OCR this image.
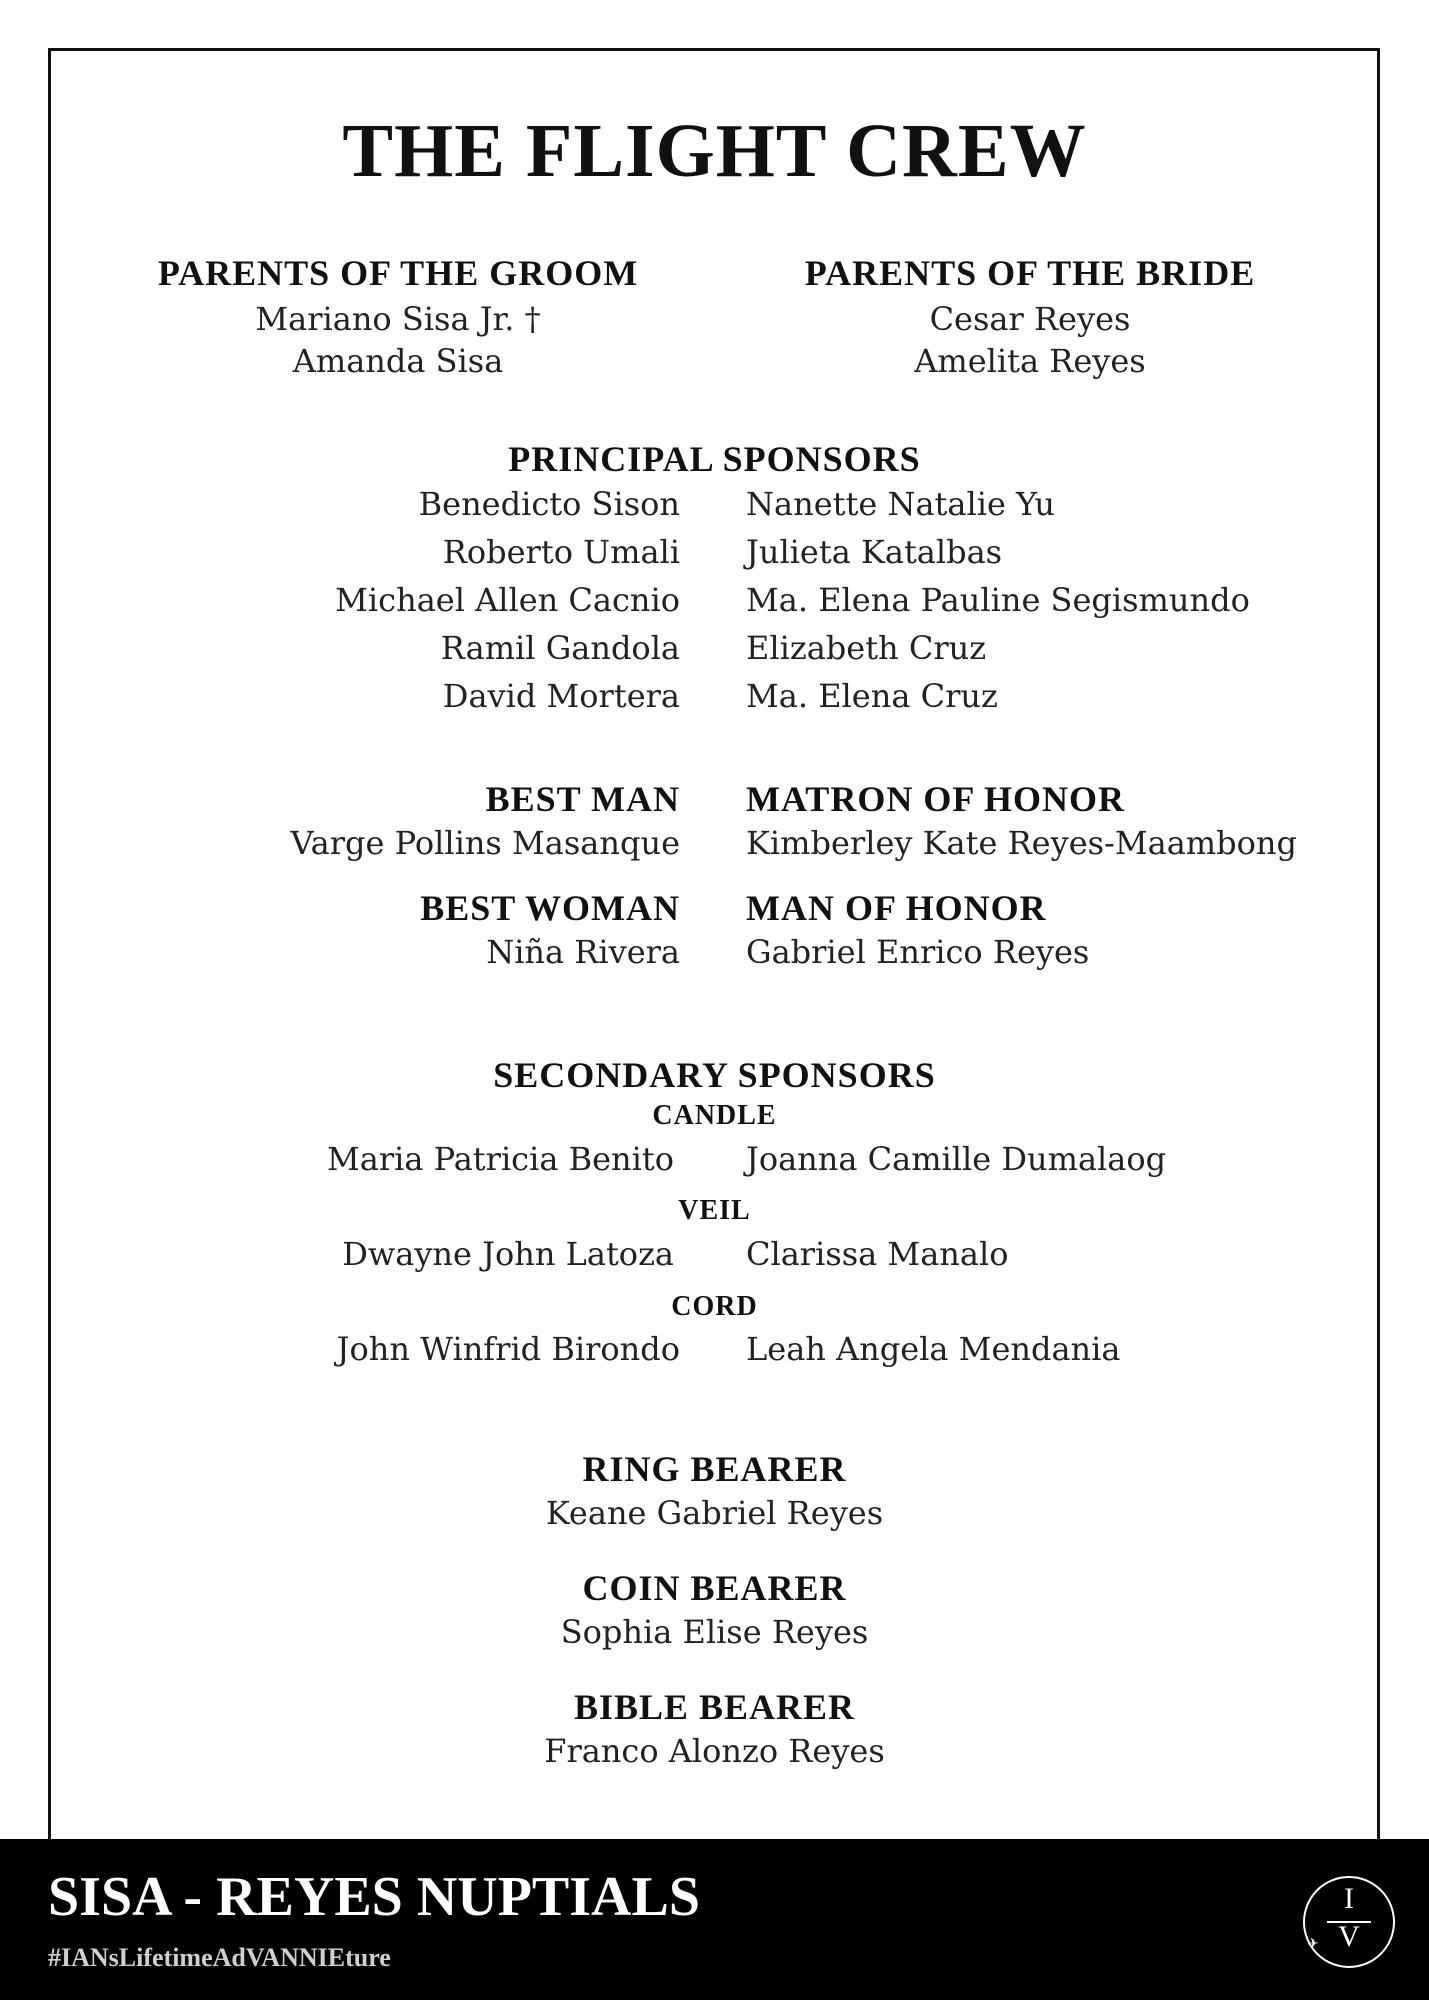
THE FLIGHT CREW
PARENTS OF THE GROOM
Mariano Sisa Jr. †
Amanda Sisa
PARENTS OF THE BRIDE
Cesar Reyes
Amelita Reyes
PRINCIPAL SPONSORS
Benedicto Sison
Roberto Umali
Michael Allen Cacnio
Ramil Gandola
David Mortera
Nanette Natalie Yu
Julieta Katalbas
Ma. Elena Pauline Segismundo
Elizabeth Cruz
Ma. Elena Cruz
BEST MAN
Varge Pollins Masanque
MATRON OF HONOR
Kimberley Kate Reyes-Maambong
BEST WOMAN
Niña Rivera
MAN OF HONOR
Gabriel Enrico Reyes
SECONDARY SPONSORS
CANDLE
Maria Patricia Benito Joanna Camille Dumalaog
VEIL
Dwayne John Latoza Clarissa Manalo
CORD
John Winfrid Birondo Leah Angela Mendania
RING BEARER
Keane Gabriel Reyes
COIN BEARER
Sophia Elise Reyes
BIBLE BEARER
Franco Alonzo Reyes
SISA - REYES NUPTIALS
#IANsLifetimeAdVANNIEture
I
V
✈
